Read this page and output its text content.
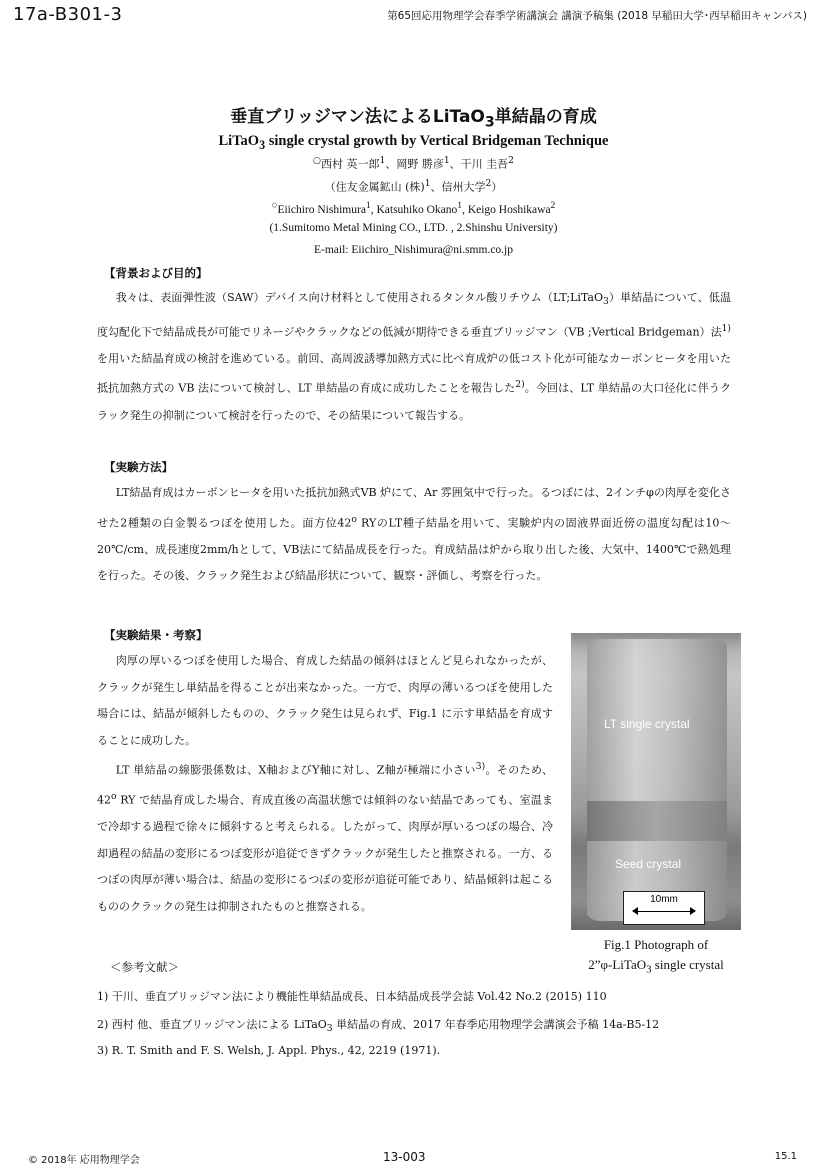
17a-B301-3	第65回応用物理学会春季学術講演会 講演予稿集 (2018 早稲田大学･西早稲田キャンパス)
垂直ブリッジマン法によるLiTaO$_3$単結晶の育成
LiTaO$_3$ single crystal growth by Vertical Bridgeman Technique
○西村 英一郎$^1$、岡野 勝彦$^1$、干川 圭吾$^2$
（住友金属鉱山 (株)$^1$、信州大学$^2$）
○Eiichiro Nishimura$^1$, Katsuhiko Okano$^1$, Keigo Hoshikawa$^2$
(1.Sumitomo Metal Mining CO., LTD. , 2.Shinshu University)
E-mail: Eiichiro_Nishimura@ni.smm.co.jp
【背景および目的】

我々は、表面弾性波（SAW）デバイス向け材料として使用されるタンタル酸リチウム（LT;LiTaO$_3$）単結晶について、低温度勾配化下で結晶成長が可能でリネージやクラックなどの低減が期待できる垂直ブリッジマン（VB ;Vertical Bridgeman）法$^{1)}$を用いた結晶育成の検討を進めている。前回、高周波誘導加熱方式に比べ育成炉の低コスト化が可能なカーボンヒータを用いた抵抗加熱方式の VB 法について検討し、LT 単結晶の育成に成功したことを報告した$^{2)}$。今回は、LT 単結晶の大口径化に伴うクラック発生の抑制について検討を行ったので、その結果について報告する。

【実験方法】

LT結晶育成はカーボンヒータを用いた抵抗加熱式VB 炉にて、Ar 雰囲気中で行った。るつぼには、2インチφの肉厚を変化させた2種類の白金製るつぼを使用した。面方位42$^o$ RYのLT種子結晶を用いて、実験炉内の固液界面近傍の温度勾配は10～20℃/cm、成長速度2mm/hとして、VB法にて結晶成長を行った。育成結晶は炉から取り出した後、大気中、1400℃で熱処理を行った。その後、クラック発生および結晶形状について、観察・評価し、考察を行った。

【実験結果・考察】

肉厚の厚いるつぼを使用した場合、育成した結晶の傾斜はほとんど見られなかったが、クラックが発生し単結晶を得ることが出来なかった。一方で、肉厚の薄いるつぼを使用した場合には、結晶が傾斜したものの、クラック発生は見られず、Fig.1 に示す単結晶を育成することに成功した。

LT 単結晶の線膨張係数は、X軸およびY軸に対し、Z軸が極端に小さい$^{3)}$。そのため、42$^o$ RY で結晶育成した場合、育成直後の高温状態では傾斜のない結晶であっても、室温まで冷却する過程で徐々に傾斜すると考えられる。したがって、肉厚が厚いるつぼの場合、冷却過程の結晶の変形にるつぼ変形が追従できずクラックが発生したと推察される。一方、るつぼの肉厚が薄い場合は、結晶の変形にるつぼの変形が追従可能であり、結晶傾斜は起こるもののクラックの発生は抑制されたものと推察される。

LT single crystal
Seed crystal
10mm
Fig.1 Photograph of
2”φ-LiTaO$_3$ single crystal
＜参考文献＞
1) 干川、垂直ブリッジマン法により機能性単結晶成長、日本結晶成長学会誌 Vol.42 No.2 (2015) 110
2) 西村 他、垂直ブリッジマン法による LiTaO$_3$ 単結晶の育成、2017 年春季応用物理学会講演会予稿 14a-B5-12
3) R. T. Smith and F. S. Welsh, J. Appl. Phys., 42, 2219 (1971).
© 2018年 応用物理学会	13-003	15.1
